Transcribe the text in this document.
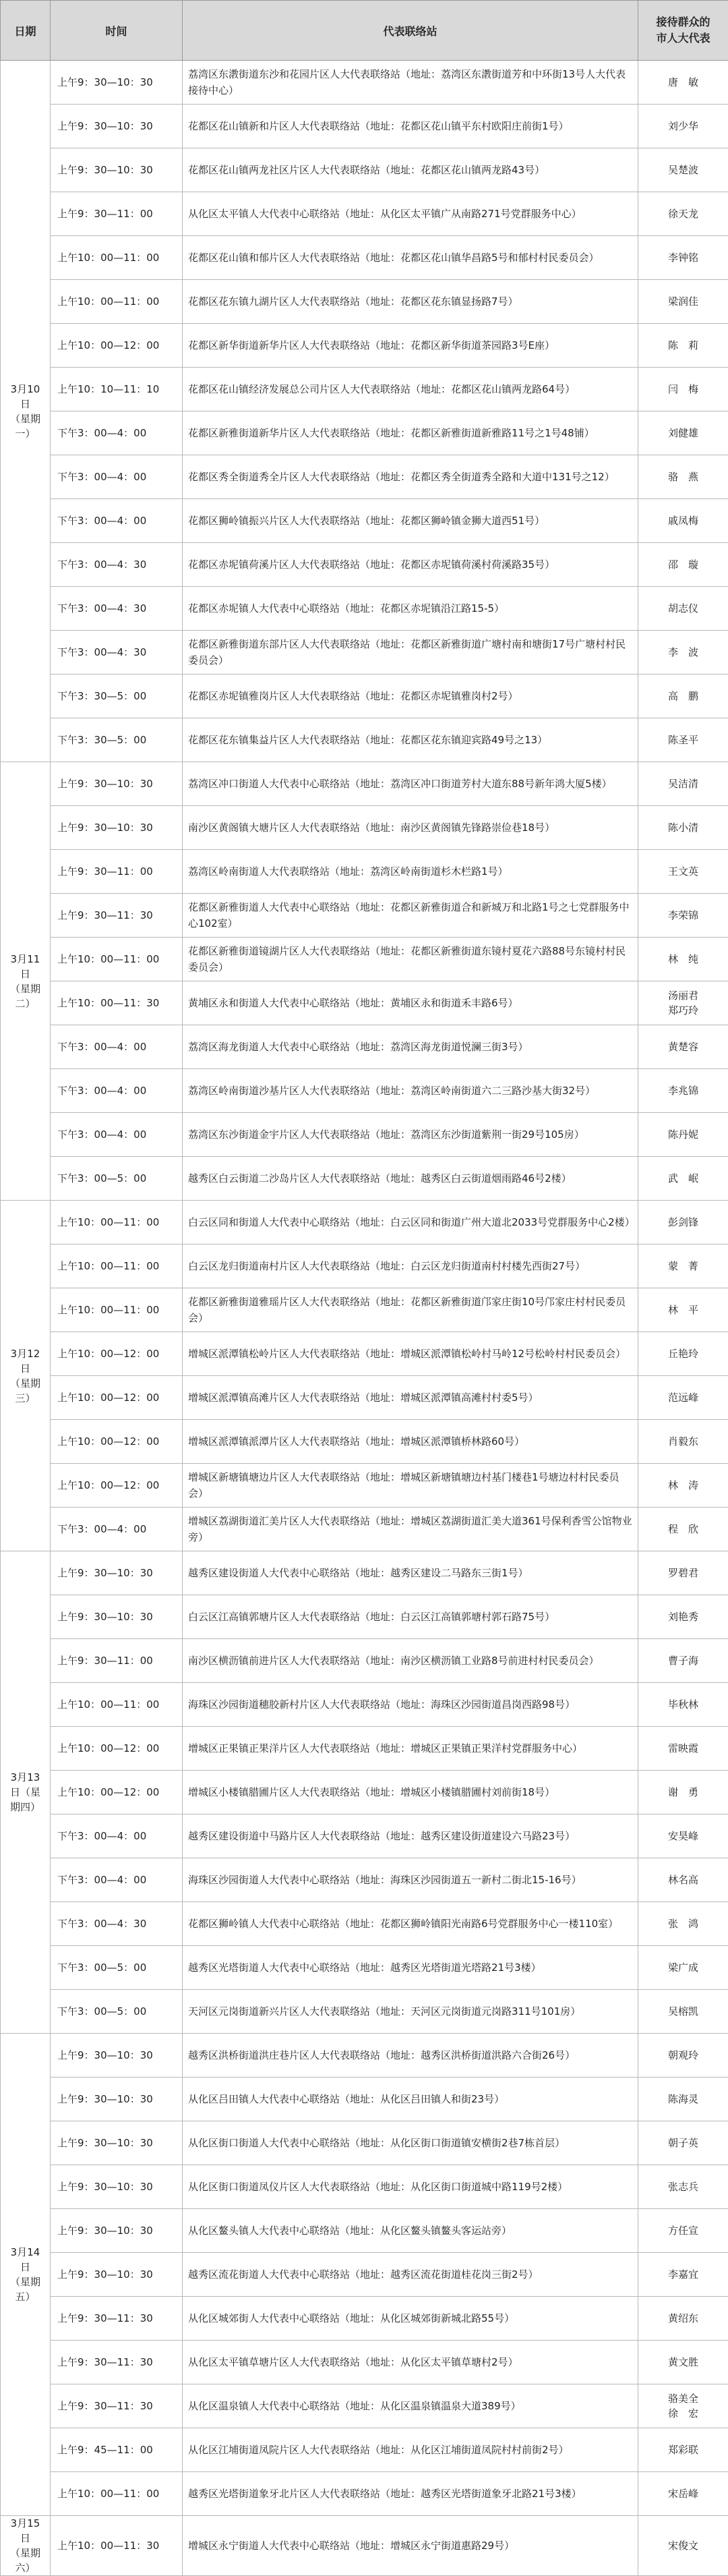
日期	时间	代表联络站	接待群众的
市人大代表
3月10日
（星期一）	上午9：30—10：30	荔湾区东漖街道东沙和花园片区人大代表联络站（地址：荔湾区东漖街道芳和中环街13号人大代表接待中心）	唐　敏
	上午9：30—10：30	花都区花山镇新和片区人大代表联络站（地址：花都区花山镇平东村欧阳庄前街1号）	刘少华
	上午9：30—10：30	花都区花山镇两龙社区片区人大代表联络站（地址：花都区花山镇两龙路43号）	吴楚波
	上午9：30—11：00	从化区太平镇人大代表中心联络站（地址：从化区太平镇广从南路271号党群服务中心）	徐天龙
	上午10：00—11：00	花都区花山镇和郁片区人大代表联络站（地址：花都区花山镇华昌路5号和郁村村民委员会）	李钟铭
	上午10：00—11：00	花都区花东镇九湖片区人大代表联络站（地址：花都区花东镇显扬路7号）	梁润佳
	上午10：00—12：00	花都区新华街道新华片区人大代表联络站（地址：花都区新华街道茶园路3号E座）	陈　莉
	上午10：10—11：10	花都区花山镇经济发展总公司片区人大代表联络站（地址：花都区花山镇两龙路64号）	闫　梅
	下午3：00—4：00	花都区新雅街道新华片区人大代表联络站（地址：花都区新雅街道新雅路11号之1号48铺）	刘健雄
	下午3：00—4：00	花都区秀全街道秀全片区人大代表联络站（地址：花都区秀全街道秀全路和大道中131号之12）	骆　燕
	下午3：00—4：00	花都区狮岭镇振兴片区人大代表联络站（地址：花都区狮岭镇金狮大道西51号）	戚凤梅
	下午3：00—4：30	花都区赤坭镇荷溪片区人大代表联络站（地址：花都区赤坭镇荷溪村荷溪路35号）	邵　璇
	下午3：00—4：30	花都区赤坭镇人大代表中心联络站（地址：花都区赤坭镇沿江路15-5）	胡志仪
	下午3：00—4：30	花都区新雅街道东部片区人大代表联络站（地址：花都区新雅街道广塘村南和塘街17号广塘村村民委员会）	李　波
	下午3：30—5：00	花都区赤坭镇雅岗片区人大代表联络站（地址：花都区赤坭镇雅岗村2号）	高　鹏
	下午3：30—5：00	花都区花东镇集益片区人大代表联络站（地址：花都区花东镇迎宾路49号之13）	陈圣平
3月11日
（星期二）	上午9：30—10：30	荔湾区冲口街道人大代表中心联络站（地址：荔湾区冲口街道芳村大道东88号新年鸿大厦5楼）	吴洁清
	上午9：30—10：30	南沙区黄阁镇大塘片区人大代表联络站（地址：南沙区黄阁镇先锋路崇俭巷18号）	陈小清
	上午9：30—11：00	荔湾区岭南街道人大代表联络站（地址：荔湾区岭南街道杉木栏路1号）	王文英
	上午9：30—11：30	花都区新雅街道人大代表中心联络站（地址：花都区新雅街道合和新城万和北路1号之七党群服务中心102室）	李荣锦
	上午10：00—11：00	花都区新雅街道镜湖片区人大代表联络站（地址：花都区新雅街道东镜村夏花六路88号东镜村村民委员会）	林　纯
	上午10：00—11：30	黄埔区永和街道人大代表中心联络站（地址：黄埔区永和街道禾丰路6号）	汤丽君
郑巧玲
	下午3：00—4：00	荔湾区海龙街道人大代表中心联络站（地址：荔湾区海龙街道悦澜三街3号）	黄楚容
	下午3：00—4：00	荔湾区岭南街道沙基片区人大代表联络站（地址：荔湾区岭南街道六二三路沙基大街32号）	李兆锦
	下午3：00—4：00	荔湾区东沙街道金宇片区人大代表联络站（地址：荔湾区东沙街道紫荆一街29号105房）	陈丹妮
	下午3：00—5：00	越秀区白云街道二沙岛片区人大代表联络站（地址：越秀区白云街道烟雨路46号2楼）	武　岷
3月12日
（星期三）	上午10：00—11：00	白云区同和街道人大代表中心联络站（地址：白云区同和街道广州大道北2033号党群服务中心2楼）	彭剑锋
	上午10：00—11：00	白云区龙归街道南村片区人大代表联络站（地址：白云区龙归街道南村村楼先西街27号）	蒙　菁
	上午10：00—11：00	花都区新雅街道雅瑶片区人大代表联络站（地址：花都区新雅街道邝家庄街10号邝家庄村村民委员会）	林　平
	上午10：00—12：00	增城区派潭镇松岭片区人大代表联络站（地址：增城区派潭镇松岭村马岭12号松岭村村民委员会）	丘艳玲
	上午10：00—12：00	增城区派潭镇高滩片区人大代表联络站（地址：增城区派潭镇高滩村村委5号）	范远峰
	上午10：00—12：00	增城区派潭镇派潭片区人大代表联络站（地址：增城区派潭镇桥林路60号）	肖毅东
	上午10：00—12：00	增城区新塘镇塘边片区人大代表联络站（地址：增城区新塘镇塘边村基门楼巷1号塘边村村民委员会）	林　涛
	下午3：00—4：00	增城区荔湖街道汇美片区人大代表联络站（地址：增城区荔湖街道汇美大道361号保利香雪公馆物业旁）	程　欣
3月13日（星期四）	上午9：30—10：30	越秀区建设街道人大代表中心联络站（地址：越秀区建设二马路东三街1号）	罗碧君
	上午9：30—10：30	白云区江高镇郭塘片区人大代表联络站（地址：白云区江高镇郭塘村郭石路75号）	刘艳秀
	上午9：30—11：00	南沙区横沥镇前进片区人大代表联络站（地址：南沙区横沥镇工业路8号前进村村民委员会）	曹子海
	上午10：00—11：00	海珠区沙园街道穗胶新村片区人大代表联络站（地址：海珠区沙园街道昌岗西路98号）	毕秋林
	上午10：00—12：00	增城区正果镇正果洋片区人大代表联络站（地址：增城区正果镇正果洋村党群服务中心）	雷映霞
	上午10：00—12：00	增城区小楼镇腊圃片区人大代表联络站（地址：增城区小楼镇腊圃村刘前街18号）	谢　勇
	下午3：00—4：00	越秀区建设街道中马路片区人大代表联络站（地址：越秀区建设街道建设六马路23号）	安昊峰
	下午3：00—4：00	海珠区沙园街道人大代表中心联络站（地址：海珠区沙园街道五一新村二街北15-16号）	林名高
	下午3：00—4：30	花都区狮岭镇人大代表中心联络站（地址：花都区狮岭镇阳光南路6号党群服务中心一楼110室）	张　鸿
	下午3：00—5：00	越秀区光塔街道人大代表中心联络站（地址：越秀区光塔街道光塔路21号3楼）	梁广成
	下午3：00—5：00	天河区元岗街道新兴片区人大代表联络站（地址：天河区元岗街道元岗路311号101房）	吴榕凯
3月14日
（星期五）	上午9：30—10：30	越秀区洪桥街道洪庄巷片区人大代表联络站（地址：越秀区洪桥街道洪路六合街26号）	朝观玲
	上午9：30—10：30	从化区吕田镇人大代表中心联络站（地址：从化区吕田镇人和街23号）	陈海灵
	上午9：30—10：30	从化区街口街道人大代表中心联络站（地址：从化区街口街道镇安横街2巷7栋首层）	朝子英
	上午9：30—10：30	从化区街口街道凤仪片区人大代表联络站（地址：从化区街口街道城中路119号2楼）	张志兵
	上午9：30—10：30	从化区鳌头镇人大代表中心联络站（地址：从化区鳌头镇鳌头客运站旁）	方任宣
	上午9：30—10：30	越秀区流花街道人大代表中心联络站（地址：越秀区流花街道桂花岗三街2号）	李嘉宜
	上午9：30—11：30	从化区城郊街人大代表中心联络站（地址：从化区城郊街新城北路55号）	黄绍东
	上午9：30—11：30	从化区太平镇草塘片区人大代表联络站（地址：从化区太平镇草塘村2号）	黄文胜
	上午9：30—11：30	从化区温泉镇人大代表中心联络站（地址：从化区温泉镇温泉大道389号）	骆美全
徐　宏
	上午9：45—11：00	从化区江埔街道凤院片区人大代表联络站（地址：从化区江埔街道凤院村村前街2号）	郑彩联
	上午10：00—11：00	越秀区光塔街道象牙北片区人大代表联络站（地址：越秀区光塔街道象牙北路21号3楼）	宋岳峰
3月15日
（星期六）	上午10：00—11：30	增城区永宁街道人大代表中心联络站（地址：增城区永宁街道惠路29号）	宋俊文
